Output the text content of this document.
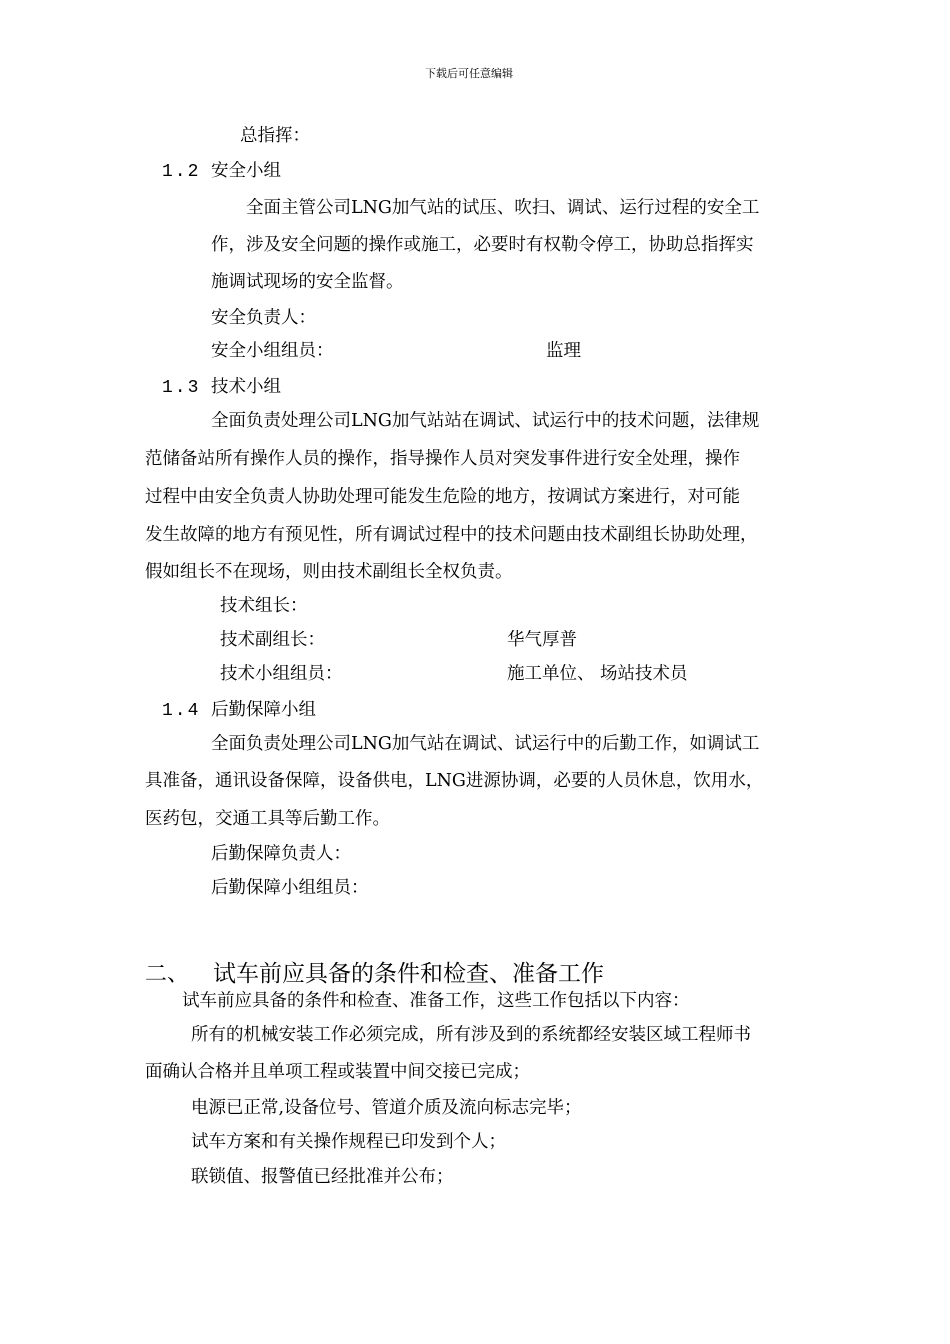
下载后可任意编辑
总指挥：
1.2 安全小组
全面主管公司LNG加气站的试压、吹扫、调试、运行过程的安全工
作，涉及安全问题的操作或施工，必要时有权勒令停工，协助总指挥实
施调试现场的安全监督。
安全负责人：
安全小组组员：	监理
1.3 技术小组
全面负责处理公司LNG加气站站在调试、试运行中的技术问题，法律规
范储备站所有操作人员的操作，指导操作人员对突发事件进行安全处理，操作
过程中由安全负责人协助处理可能发生危险的地方，按调试方案进行，对可能
发生故障的地方有预见性，所有调试过程中的技术问题由技术副组长协助处理，
假如组长不在现场，则由技术副组长全权负责。
技术组长：
技术副组长：	华气厚普
技术小组组员：	施工单位、 场站技术员
1.4 后勤保障小组
全面负责处理公司LNG加气站在调试、试运行中的后勤工作，如调试工
具准备，通讯设备保障，设备供电，LNG进源协调，必要的人员休息，饮用水，
医药包，交通工具等后勤工作。
后勤保障负责人：
后勤保障小组组员：
二、 试车前应具备的条件和检查、准备工作
试车前应具备的条件和检查、准备工作，这些工作包括以下内容：
所有的机械安装工作必须完成，所有涉及到的系统都经安装区域工程师书
面确认合格并且单项工程或装置中间交接已完成；
电源已正常,设备位号、管道介质及流向标志完毕；
试车方案和有关操作规程已印发到个人；
联锁值、报警值已经批准并公布；
